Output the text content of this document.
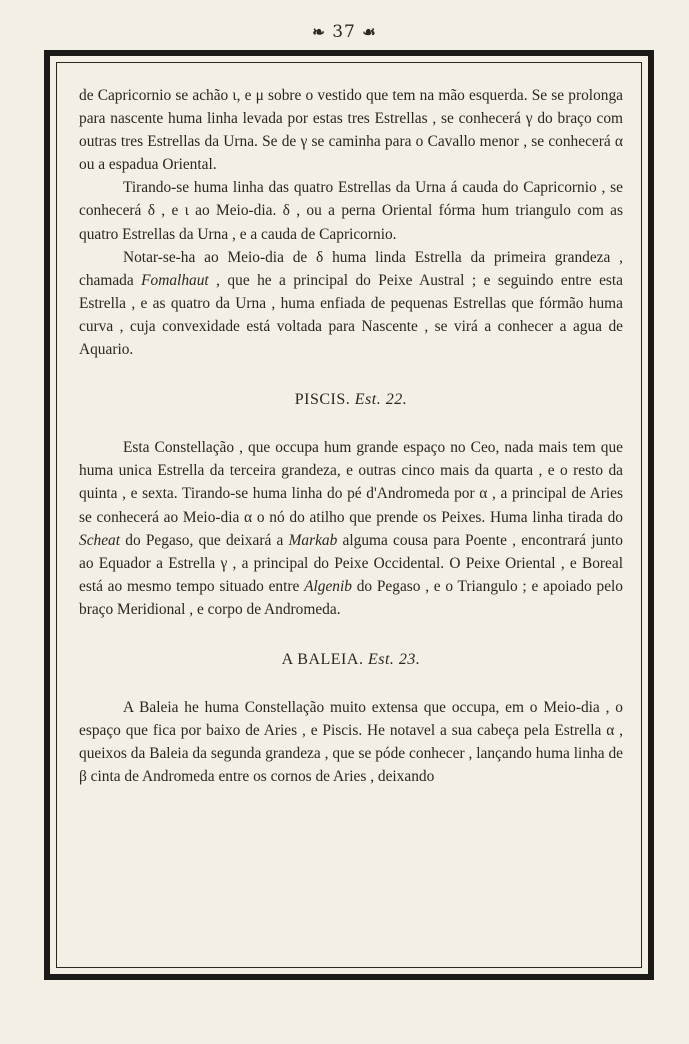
❧ 37 ☙

de Capricornio se achão ι, e μ sobre o vestido que tem na mão esquerda. Se se prolonga para nascente huma linha levada por estas tres Estrellas , se conhecerá γ do braço com outras tres Estrellas da Urna. Se de γ se caminha para o Cavallo menor , se conhecerá α ou a espadua Oriental.

Tirando-se huma linha das quatro Estrellas da Urna á cauda do Capricornio , se conhecerá δ , e ι ao Meio-dia. δ , ou a perna Oriental fórma hum triangulo com as quatro Estrellas da Urna , e a cauda de Capricornio.

Notar-se-ha ao Meio-dia de δ huma linda Estrella da primeira grandeza , chamada Fomalhaut , que he a principal do Peixe Austral ; e seguindo entre esta Estrella , e as quatro da Urna , huma enfiada de pequenas Estrellas que fórmão huma curva , cuja convexidade está voltada para Nascente , se virá a conhecer a agua de Aquario.

PISCIS. Est. 22.

Esta Constellação , que occupa hum grande espaço no Ceo, nada mais tem que huma unica Estrella da terceira grandeza, e outras cinco mais da quarta , e o resto da quinta , e sexta. Tirando-se huma linha do pé d'Andromeda por α , a principal de Aries se conhecerá ao Meio-dia α o nó do atilho que prende os Peixes. Huma linha tirada do Scheat do Pegaso, que deixará a Markab alguma cousa para Poente , encontrará junto ao Equador a Estrella γ , a principal do Peixe Occidental. O Peixe Oriental , e Boreal está ao mesmo tempo situado entre Algenib do Pegaso , e o Triangulo ; e apoiado pelo braço Meridional , e corpo de Andromeda.

A BALEIA. Est. 23.

A Baleia he huma Constellação muito extensa que occupa, em o Meio-dia , o espaço que fica por baixo de Aries , e Piscis. He notavel a sua cabeça pela Estrella α , queixos da Baleia da segunda grandeza , que se póde conhecer , lançando huma linha de β cinta de Andromeda entre os cornos de Aries , deixando
